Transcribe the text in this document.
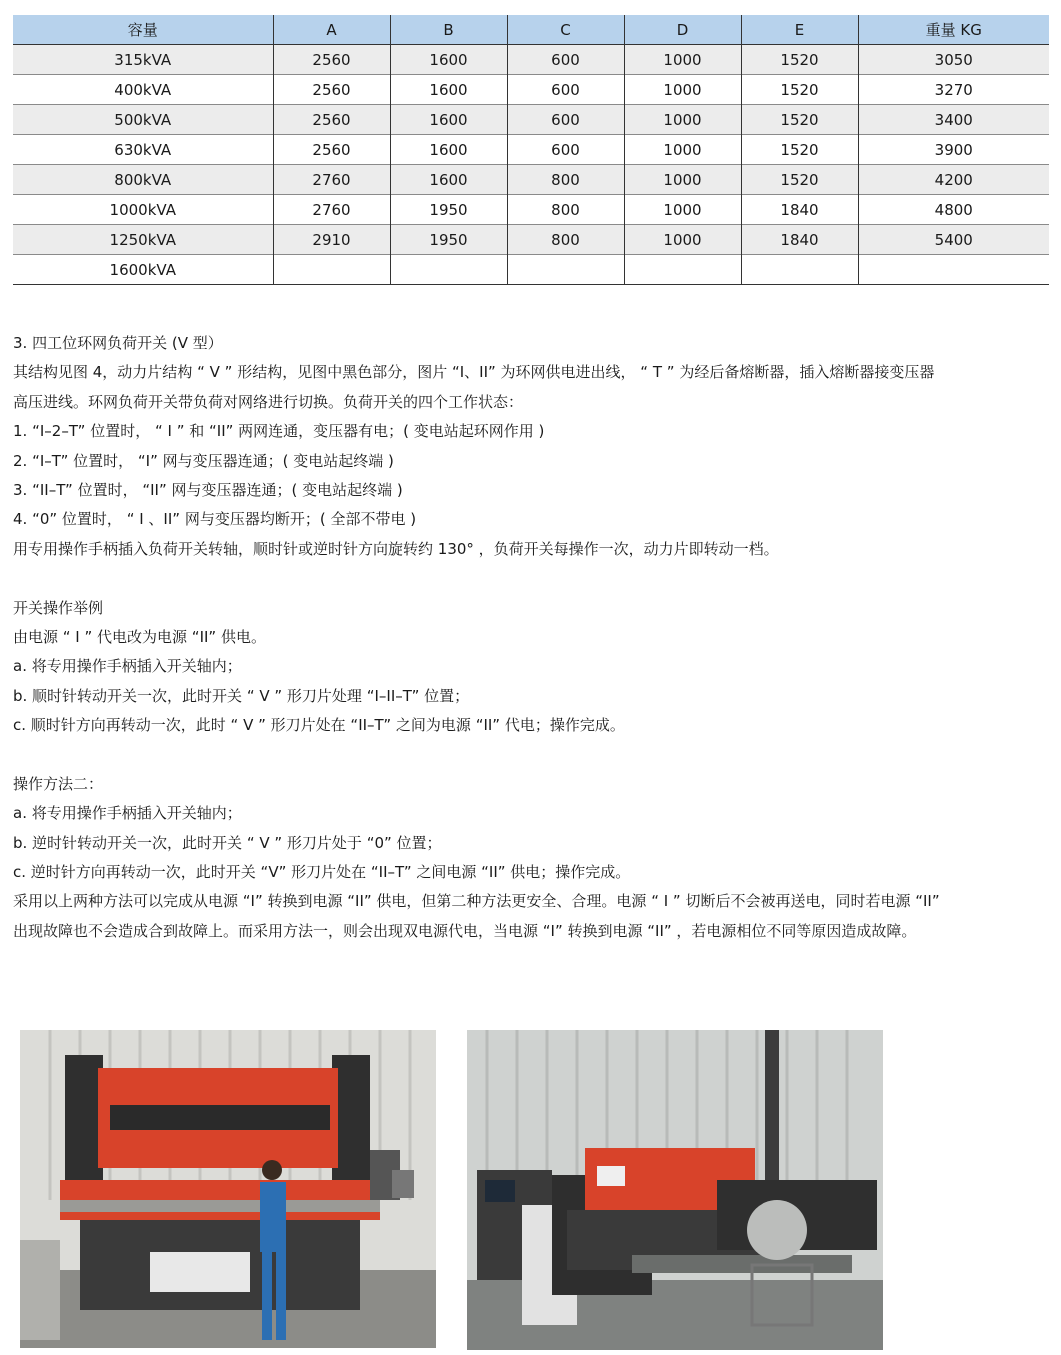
容量	A	B	C	D	E	重量 KG
315kVA	2560	1600	600	1000	1520	3050
400kVA	2560	1600	600	1000	1520	3270
500kVA	2560	1600	600	1000	1520	3400
630kVA	2560	1600	600	1000	1520	3900
800kVA	2760	1600	800	1000	1520	4200
1000kVA	2760	1950	800	1000	1840	4800
1250kVA	2910	1950	800	1000	1840	5400
1600kVA						
3. 四工位环网负荷开关 (V 型）
其结构见图 4，动力片结构 “ V ” 形结构，见图中黑色部分，图片 “I、II” 为环网供电进出线， “ T ” 为经后备熔断器，插入熔断器接变压器
高压进线。环网负荷开关带负荷对网络进行切换。负荷开关的四个工作状态：
1. “I–2–T” 位置时， “ I ” 和 “II” 两网连通，变压器有电；( 变电站起环网作用 )
2. “I–T” 位置时， “I” 网与变压器连通；( 变电站起终端 )
3. “II–T” 位置时， “II” 网与变压器连通；( 变电站起终端 )
4. “0” 位置时， “ I 、II” 网与变压器均断开；( 全部不带电 )
用专用操作手柄插入负荷开关转轴，顺时针或逆时针方向旋转约 130° ，负荷开关每操作一次，动力片即转动一档。
开关操作举例
由电源 “ I ” 代电改为电源 “II” 供电。
a. 将专用操作手柄插入开关轴内；
b. 顺时针转动开关一次，此时开关 “ V ” 形刀片处理 “I–II–T” 位置；
c. 顺时针方向再转动一次，此时 “ V ” 形刀片处在 “II–T” 之间为电源 “II” 代电；操作完成。
操作方法二：
a. 将专用操作手柄插入开关轴内；
b. 逆时针转动开关一次，此时开关 “ V ” 形刀片处于 “0” 位置；
c. 逆时针方向再转动一次，此时开关 “V” 形刀片处在 “II–T” 之间电源 “II” 供电；操作完成。
采用以上两种方法可以完成从电源 “I” 转换到电源 “II” 供电，但第二种方法更安全、合理。电源 “ I ” 切断后不会被再送电，同时若电源 “II”
出现故障也不会造成合到故障上。而采用方法一，则会出现双电源代电，当电源 “I” 转换到电源 “II” ，若电源相位不同等原因造成故障。
